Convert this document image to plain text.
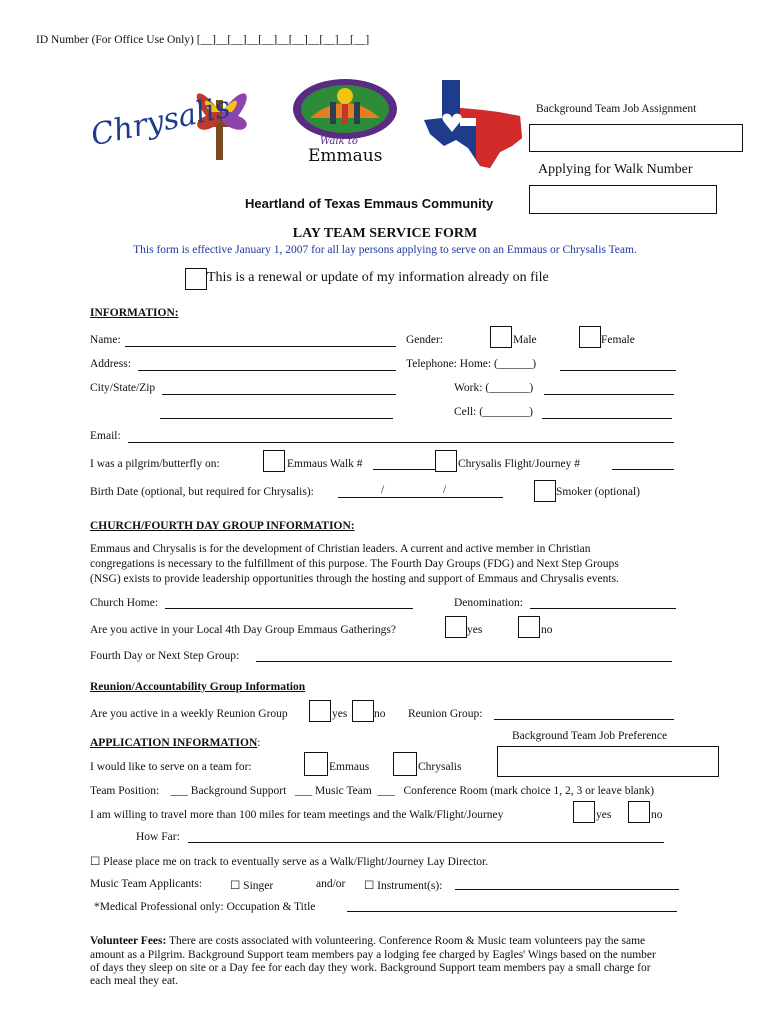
ID Number (For Office Use Only) [__]__[__]__[__]__[__]__[__]__[__]
Chrysalis	Walk to
Emmaus
Background Team Job Assignment
Applying for Walk Number
Heartland of Texas Emmaus Community
LAY TEAM SERVICE FORM
This form is effective January 1, 2007 for all lay persons applying to serve on an Emmaus or Chrysalis Team.
This is a renewal or update of my information already on file
INFORMATION:
Name:	Gender:	Male	Female
Address:	Telephone: Home: (______)
City/State/Zip	Work: (_______)
Cell: (________)
Email:
I was a pilgrim/butterfly on:	Emmaus Walk #	Chrysalis Flight/Journey #
Birth Date (optional, but required for Chrysalis):	/	/	Smoker (optional)
CHURCH/FOURTH DAY GROUP INFORMATION:
Emmaus and Chrysalis is for the development of Christian leaders. A current and active member in Christian
congregations is necessary to the fulfillment of this purpose. The Fourth Day Groups (FDG) and Next Step Groups
(NSG) exists to provide leadership opportunities through the hosting and support of Emmaus and Chrysalis events.
Church Home:	Denomination:
Are you active in your Local 4th Day Group Emmaus Gatherings?	yes	no
Fourth Day or Next Step Group:
Reunion/Accountability Group Information
Are you active in a weekly Reunion Group	yes no Reunion Group:
APPLICATION INFORMATION:
Background Team Job Preference
I would like to serve on a team for:	Emmaus	Chrysalis
Team Position:    ___ Background Support   ___ Music Team  ___   Conference Room (mark choice 1, 2, 3 or leave blank)
I am willing to travel more than 100 miles for team meetings and the Walk/Flight/Journey	yes	no
How Far:
☐ Please place me on track to eventually serve as a Walk/Flight/Journey Lay Director.
Music Team Applicants: ☐ Singer	and/or ☐ Instrument(s):
*Medical Professional only: Occupation & Title
Volunteer Fees: There are costs associated with volunteering. Conference Room & Music team volunteers pay the same
amount as a Pilgrim. Background Support team members pay a lodging fee charged by Eagles' Wings based on the number
of days they sleep on site or a Day fee for each day they work. Background Support team members pay a small charge for
each meal they eat.
